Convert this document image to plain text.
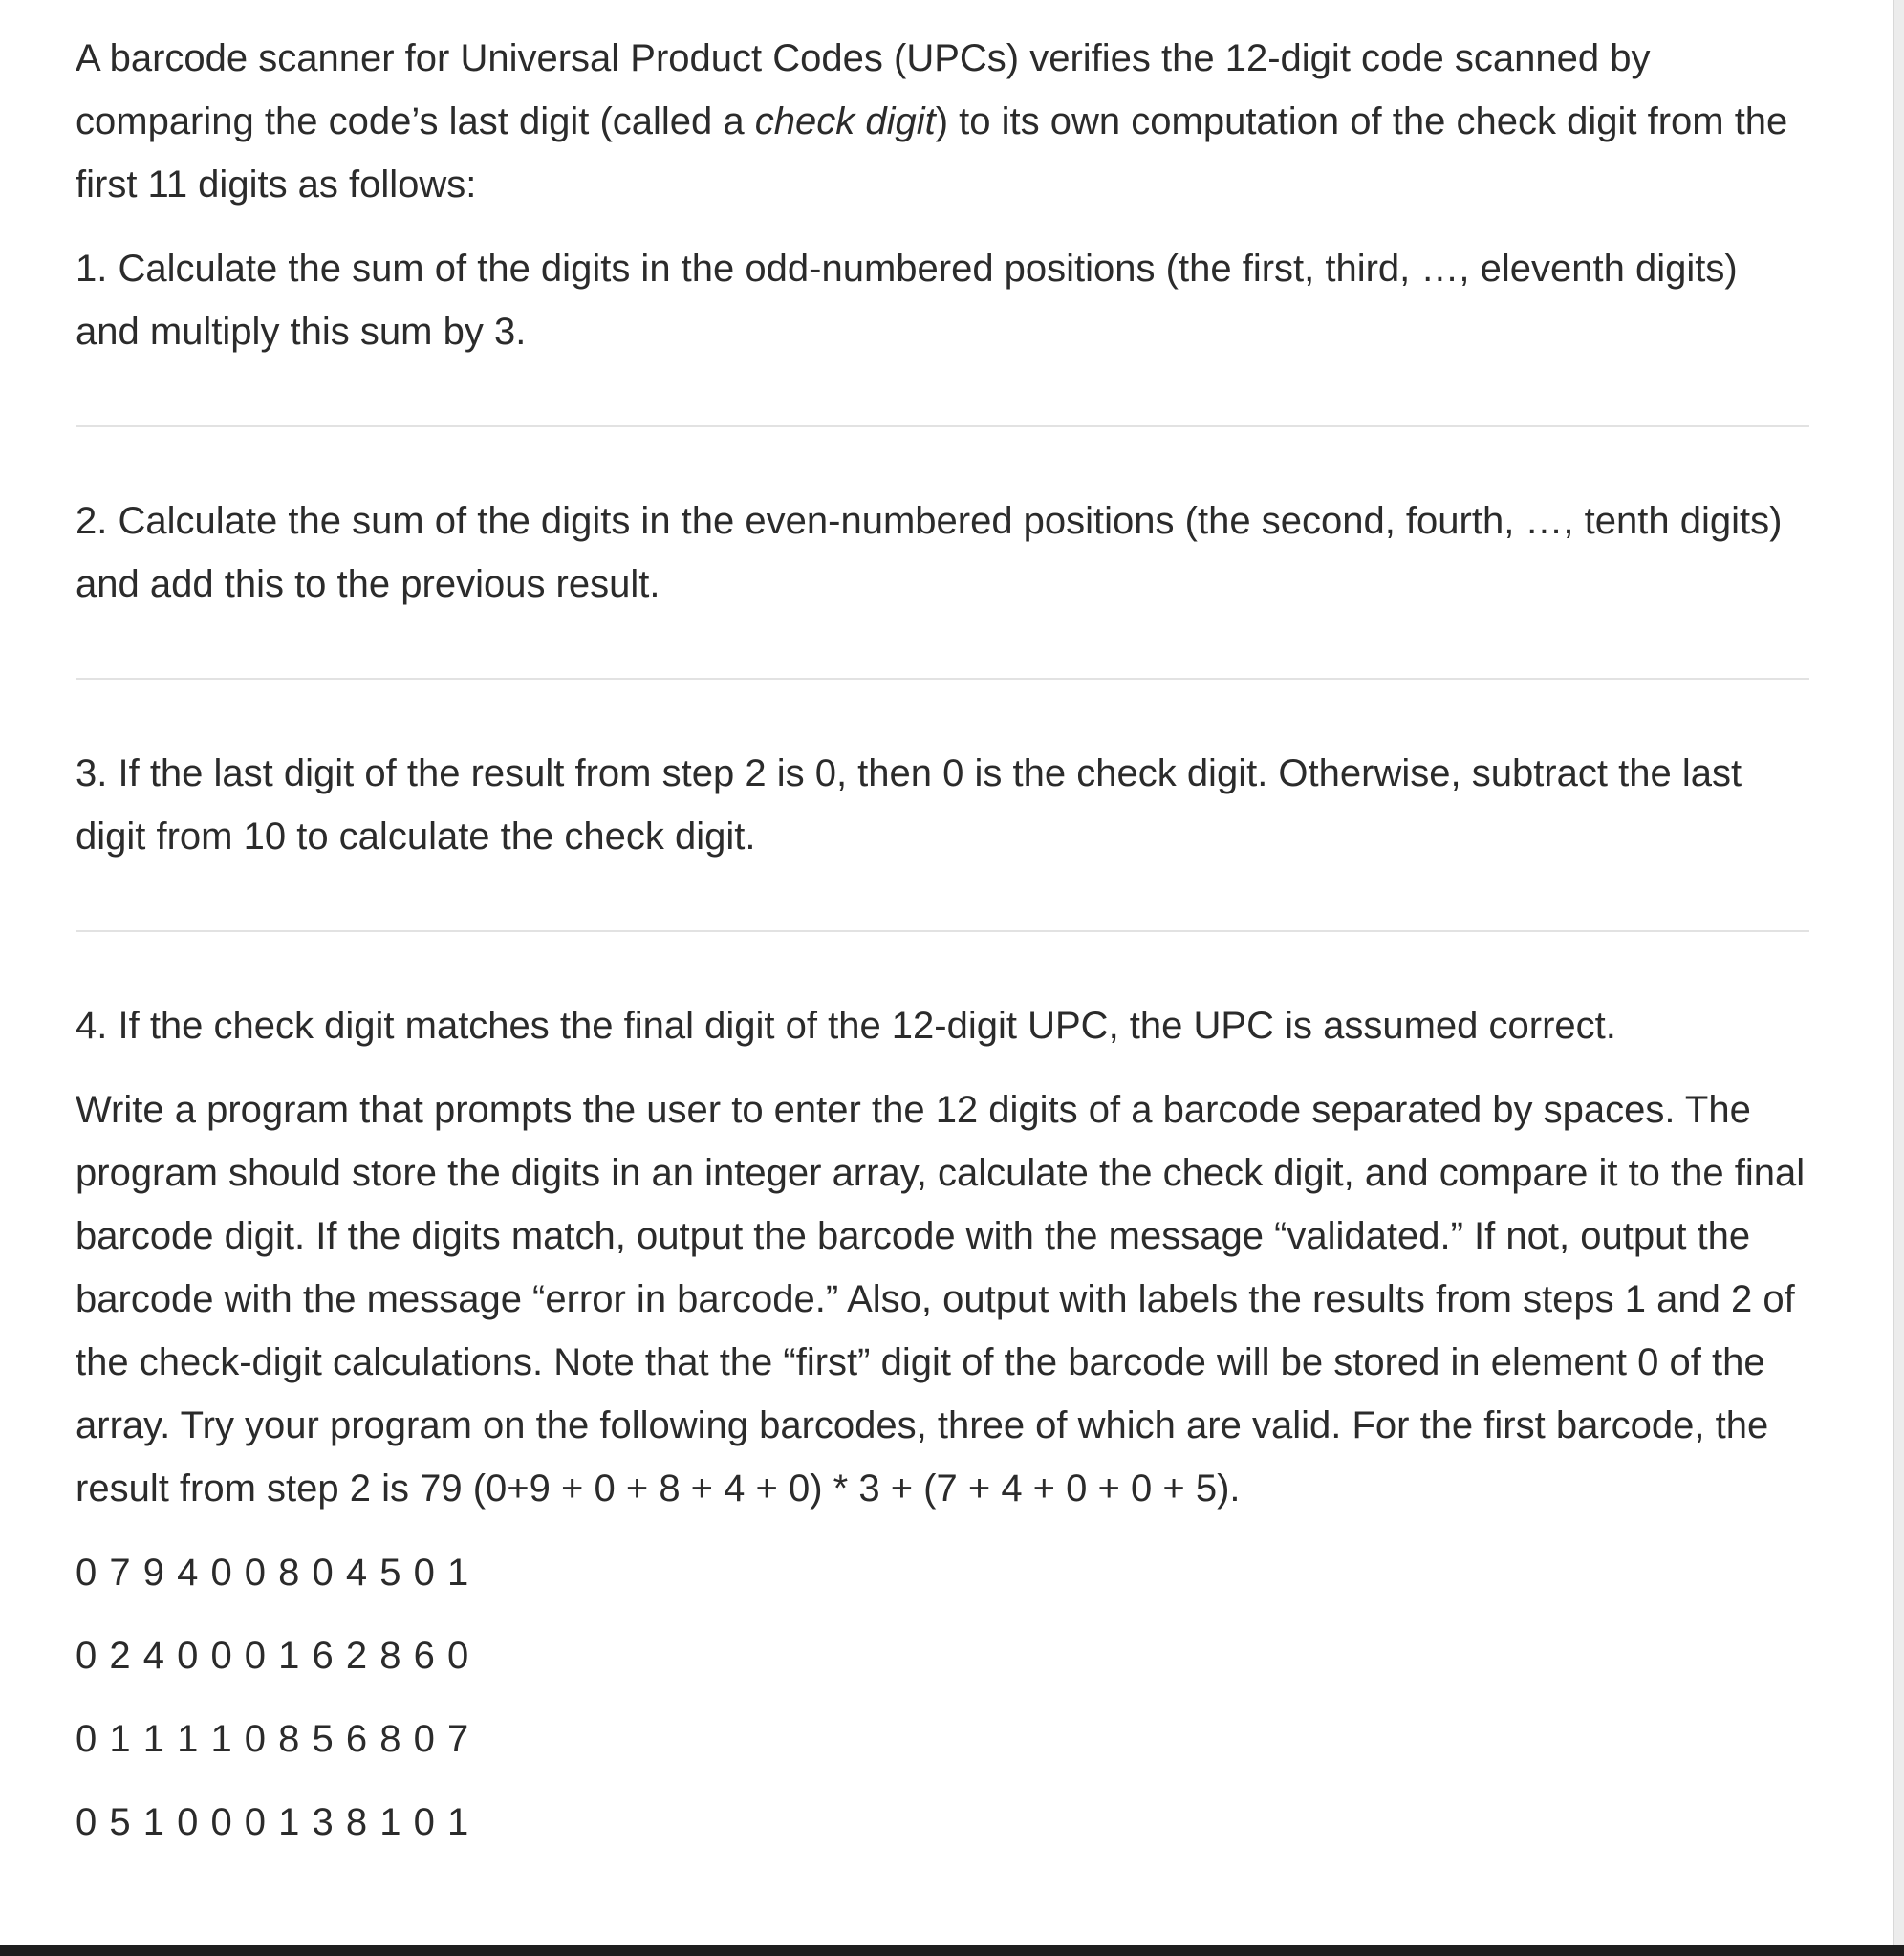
A barcode scanner for Universal Product Codes (UPCs) verifies the 12-digit code scanned by comparing the code’s last digit (called a check digit) to its own computation of the check digit from the first 11 digits as follows:

1. Calculate the sum of the digits in the odd-numbered positions (the first, third, …, eleventh digits) and multiply this sum by 3.

2. Calculate the sum of the digits in the even-numbered positions (the second, fourth, …, tenth digits) and add this to the previous result.

3. If the last digit of the result from step 2 is 0, then 0 is the check digit. Otherwise, subtract the last digit from 10 to calculate the check digit.

4. If the check digit matches the final digit of the 12-digit UPC, the UPC is assumed correct.

Write a program that prompts the user to enter the 12 digits of a barcode separated by spaces. The program should store the digits in an integer array, calculate the check digit, and compare it to the final barcode digit. If the digits match, output the barcode with the message “validated.” If not, output the barcode with the message “error in barcode.” Also, output with labels the results from steps 1 and 2 of the check-digit calculations. Note that the “first” digit of the barcode will be stored in element 0 of the array. Try your program on the following barcodes, three of which are valid. For the first barcode, the result from step 2 is 79 (0+9 + 0 + 8 + 4 + 0) * 3 + (7 + 4 + 0 + 0 + 5).

0 7 9 4 0 0 8 0 4 5 0 1

0 2 4 0 0 0 1 6 2 8 6 0

0 1 1 1 1 0 8 5 6 8 0 7

0 5 1 0 0 0 1 3 8 1 0 1
